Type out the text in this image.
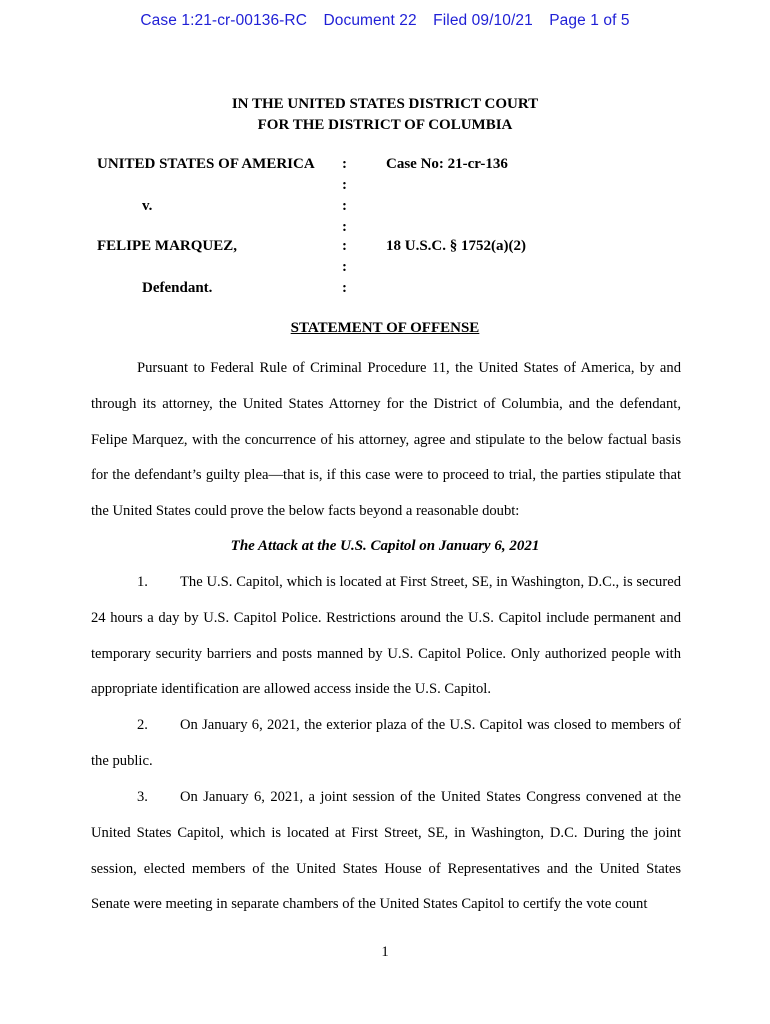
Case 1:21-cr-00136-RC Document 22 Filed 09/10/21 Page 1 of 5
IN THE UNITED STATES DISTRICT COURT
FOR THE DISTRICT OF COLUMBIA
UNITED STATES OF AMERICA
v.
FELIPE MARQUEZ,
Defendant.
:
:
:
:
:
:
:
Case No: 21-cr-136
18 U.S.C. § 1752(a)(2)
STATEMENT OF OFFENSE
Pursuant to Federal Rule of Criminal Procedure 11, the United States of America, by and through its attorney, the United States Attorney for the District of Columbia, and the defendant, Felipe Marquez, with the concurrence of his attorney, agree and stipulate to the below factual basis for the defendant’s guilty plea—that is, if this case were to proceed to trial, the parties stipulate that the United States could prove the below facts beyond a reasonable doubt:
The Attack at the U.S. Capitol on January 6, 2021
1. The U.S. Capitol, which is located at First Street, SE, in Washington, D.C., is secured 24 hours a day by U.S. Capitol Police. Restrictions around the U.S. Capitol include permanent and temporary security barriers and posts manned by U.S. Capitol Police. Only authorized people with appropriate identification are allowed access inside the U.S. Capitol.
2. On January 6, 2021, the exterior plaza of the U.S. Capitol was closed to members of the public.
3. On January 6, 2021, a joint session of the United States Congress convened at the United States Capitol, which is located at First Street, SE, in Washington, D.C. During the joint session, elected members of the United States House of Representatives and the United States Senate were meeting in separate chambers of the United States Capitol to certify the vote count
1
